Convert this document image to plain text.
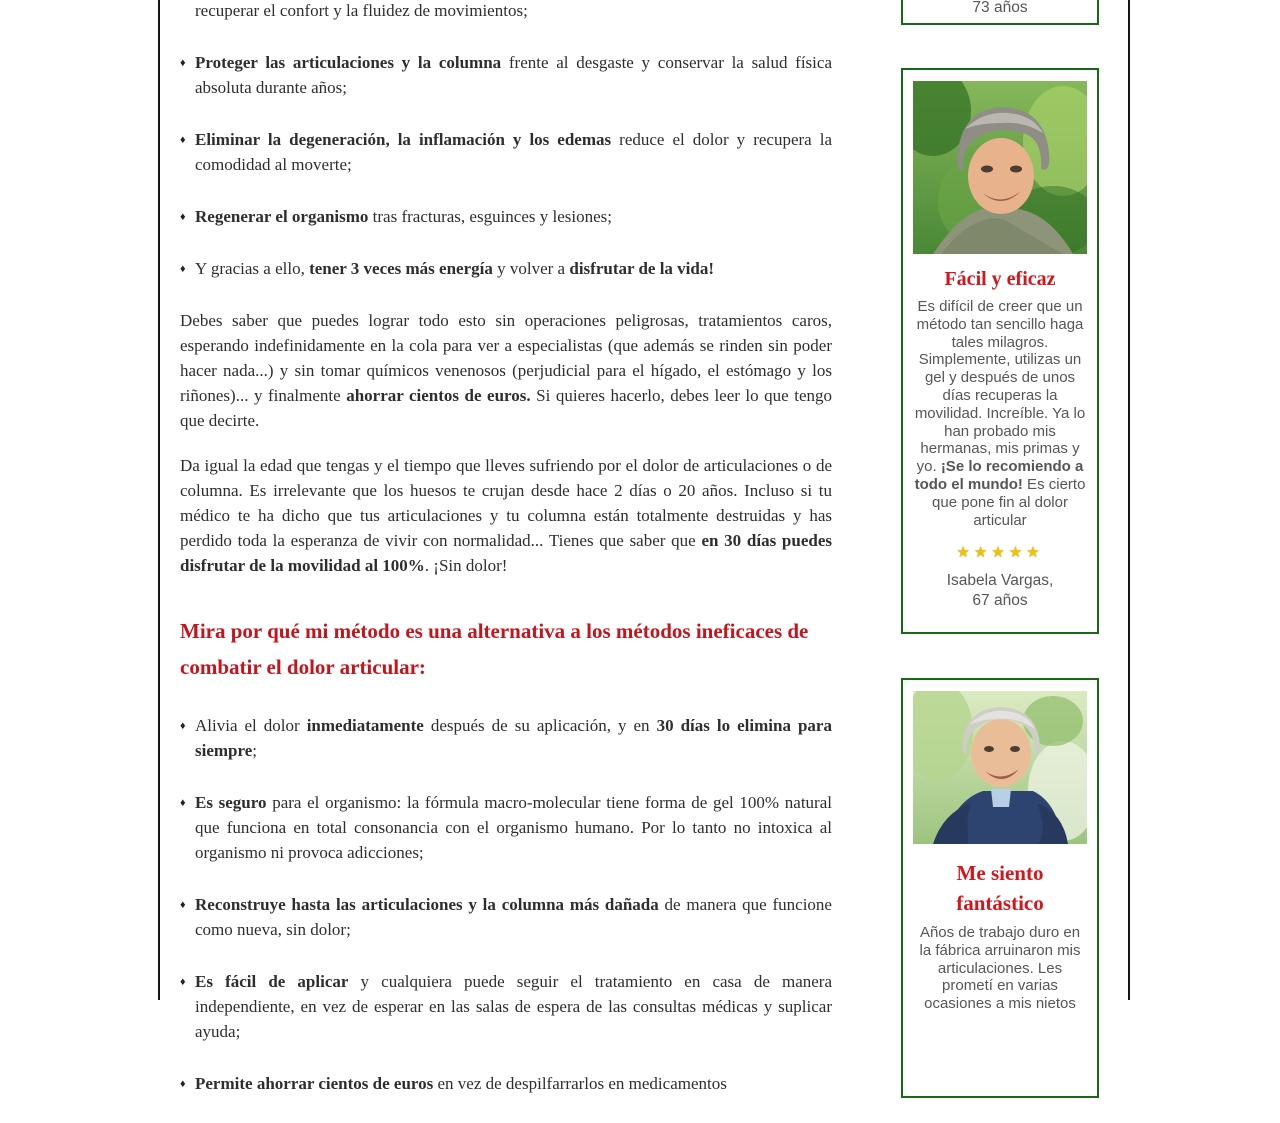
recuperar el confort y la fluidez de movimientos;
♦ Proteger las articulaciones y la columna frente al desgaste y conservar la salud física absoluta durante años;
♦ Eliminar la degeneración, la inflamación y los edemas reduce el dolor y recupera la comodidad al moverte;
♦ Regenerar el organismo tras fracturas, esguinces y lesiones;
♦ Y gracias a ello, tener 3 veces más energía y volver a disfrutar de la vida!

Debes saber que puedes lograr todo esto sin operaciones peligrosas, tratamientos caros, esperando indefinidamente en la cola para ver a especialistas (que además se rinden sin poder hacer nada...) y sin tomar químicos venenosos (perjudicial para el hígado, el estómago y los riñones)... y finalmente ahorrar cientos de euros. Si quieres hacerlo, debes leer lo que tengo que decirte.

Da igual la edad que tengas y el tiempo que lleves sufriendo por el dolor de articulaciones o de columna. Es irrelevante que los huesos te crujan desde hace 2 días o 20 años. Incluso si tu médico te ha dicho que tus articulaciones y tu columna están totalmente destruidas y has perdido toda la esperanza de vivir con normalidad... Tienes que saber que en 30 días puedes disfrutar de la movilidad al 100%. ¡Sin dolor!

Mira por qué mi método es una alternativa a los métodos ineficaces de combatir el dolor articular:
♦ Alivia el dolor inmediatamente después de su aplicación, y en 30 días lo elimina para siempre;
♦ Es seguro para el organismo: la fórmula macro-molecular tiene forma de gel 100% natural que funciona en total consonancia con el organismo humano. Por lo tanto no intoxica al organismo ni provoca adicciones;
♦ Reconstruye hasta las articulaciones y la columna más dañada de manera que funcione como nueva, sin dolor;
♦ Es fácil de aplicar y cualquiera puede seguir el tratamiento en casa de manera independiente, en vez de esperar en las salas de espera de las consultas médicas y suplicar ayuda;
♦ Permite ahorrar cientos de euros en vez de despilfarrarlos en medicamentos
73 años
Fácil y eficaz
Es difícil de creer que un método tan sencillo haga tales milagros. Simplemente, utilizas un gel y después de unos días recuperas la movilidad. Increíble. Ya lo han probado mis hermanas, mis primas y yo. ¡Se lo recomiendo a todo el mundo! Es cierto que pone fin al dolor articular
★★★★★
Isabela Vargas,
67 años
Me siento fantástico
Años de trabajo duro en la fábrica arruinaron mis articulaciones. Les prometí en varias ocasiones a mis nietos
